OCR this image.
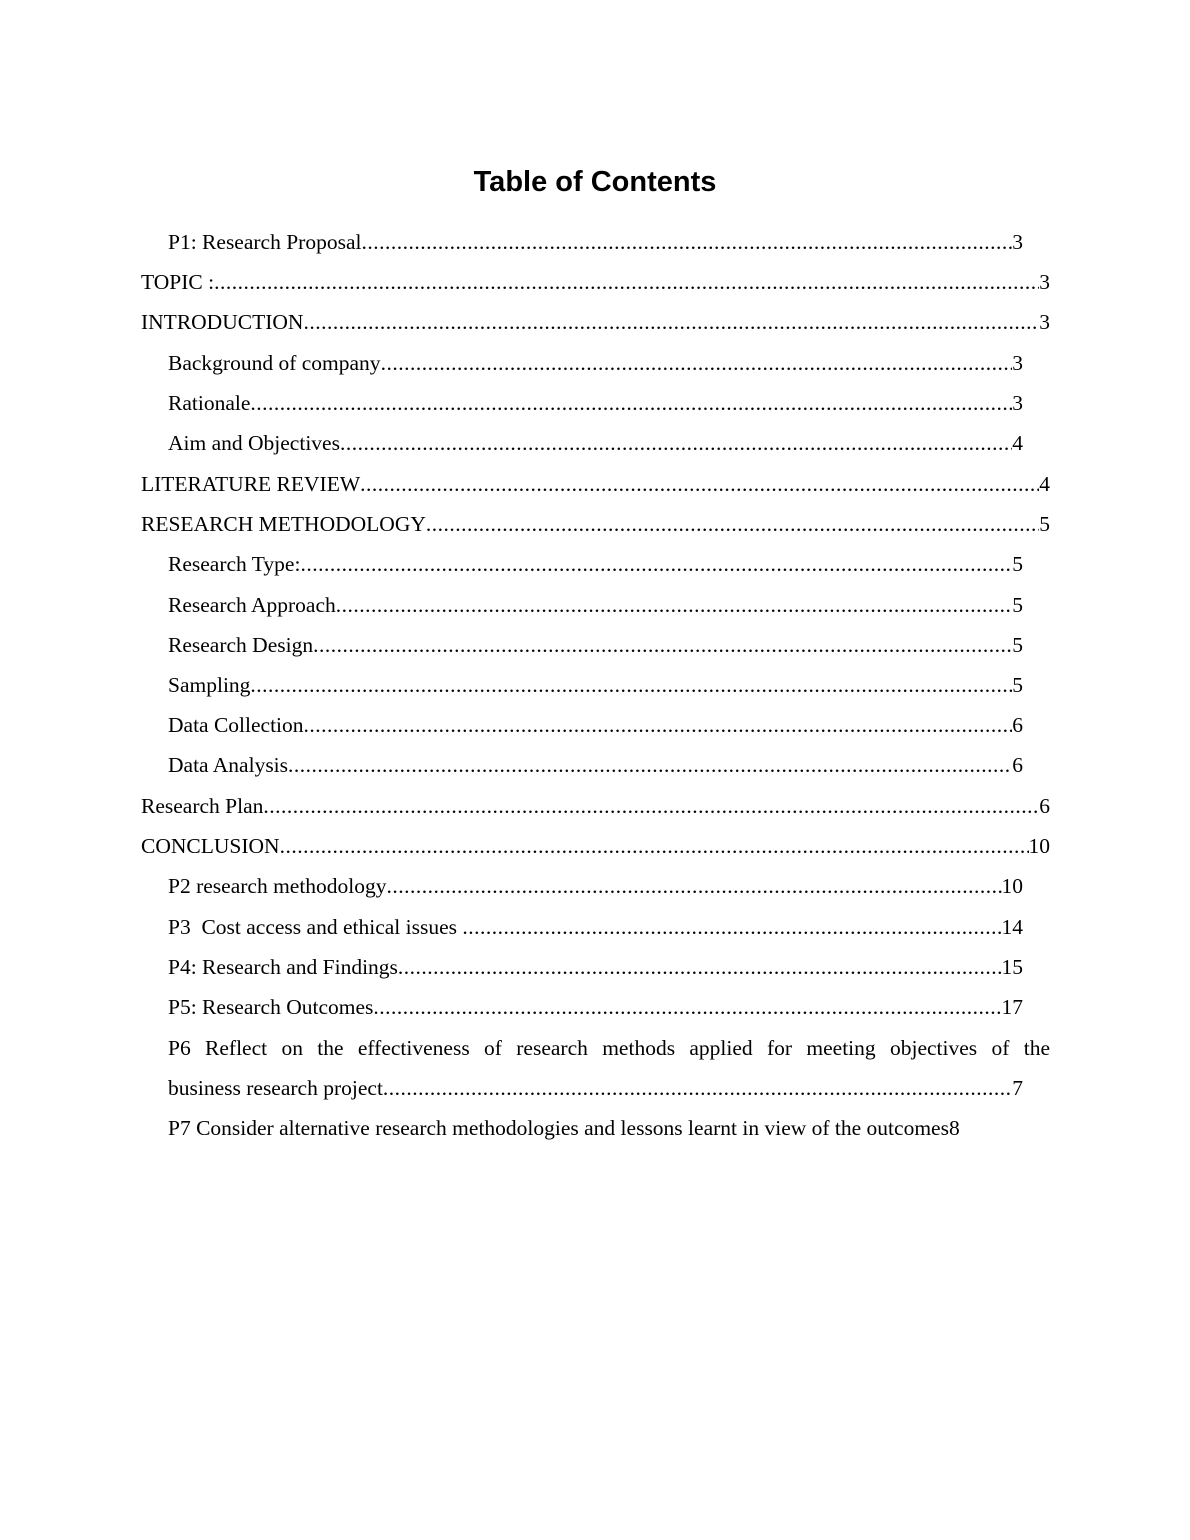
Table of Contents
P1: Research Proposal .....	3
TOPIC : .....	3
INTRODUCTION .....	3
Background of company .....	3
Rationale .....	3
Aim and Objectives .....	4
LITERATURE REVIEW .....	4
RESEARCH METHODOLOGY .....	5
Research Type: .....	5
Research Approach .....	5
Research Design .....	5
Sampling .....	5
Data Collection .....	6
Data Analysis .....	6
Research Plan .....	6
CONCLUSION .....	10
P2 research methodology .....	10
P3  Cost access and ethical issues .....	14
P4: Research and Findings .....	15
P5: Research Outcomes .....	17
P6 Reflect on the effectiveness of research methods applied for meeting objectives of the
business research project .....	7
P7 Consider alternative research methodologies and lessons learnt in view of the outcomes 8
